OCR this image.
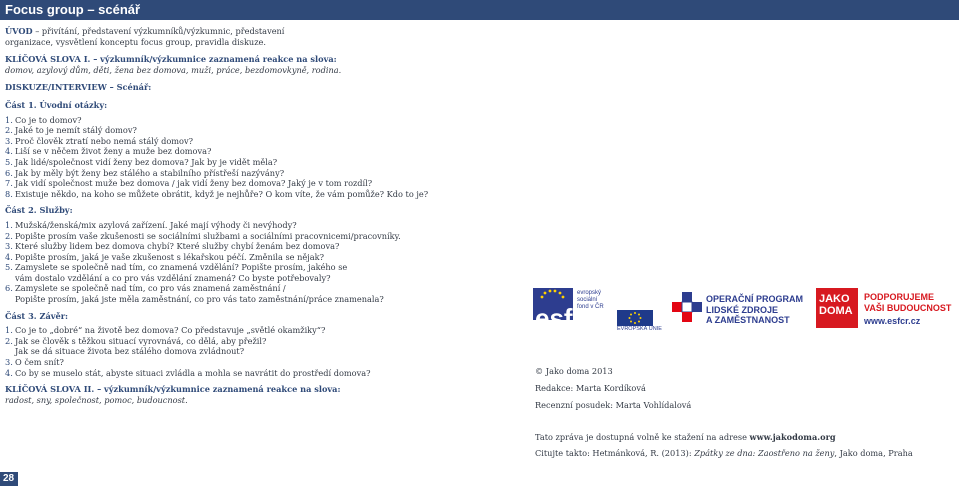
Focus group – scénář
ÚVOD – přivítání, představení výzkumníků/výzkumnic, představení
organizace, vysvětlení konceptu focus group, pravidla diskuze.
KLÍČOVÁ SLOVA I. – výzkumník/výzkumnice zaznamená reakce na slova:
domov, azylový dům, děti, žena bez domova, muži, práce, bezdomovkyně, rodina.
DISKUZE/INTERVIEW – Scénář:
Část 1. Úvodní otázky:
1. Co je to domov?
2. Jaké to je nemít stálý domov?
3. Proč člověk ztratí nebo nemá stálý domov?
4. Liší se v něčem život ženy a muže bez domova?
5. Jak lidé/společnost vidí ženy bez domova? Jak by je vidět měla?
6. Jak by měly být ženy bez stálého a stabilního přístřeší nazývány?
7. Jak vidí společnost muže bez domova / jak vidí ženy bez domova? Jaký je v tom rozdíl?
8. Existuje někdo, na koho se můžete obrátit, když je nejhůře? O kom víte, že vám pomůže? Kdo to je?
Část 2. Služby:
1. Mužská/ženská/mix azylová zařízení. Jaké mají výhody či nevýhody?
2. Popište prosím vaše zkušenosti se sociálními službami a sociálními pracovnicemi/pracovníky.
3. Které služby lidem bez domova chybí? Které služby chybí ženám bez domova?
4. Popište prosím, jaká je vaše zkušenost s lékařskou péčí. Změnila se nějak?
5. Zamyslete se společně nad tím, co znamená vzdělání? Popište prosím, jakého se
vám dostalo vzdělání a co pro vás vzdělání znamená? Co byste potřebovaly?
6. Zamyslete se společně nad tím, co pro vás znamená zaměstnání /
Popište prosím, jaká jste měla zaměstnání, co pro vás tato zaměstnání/práce znamenala?
Část 3. Závěr:
1. Co je to „dobré“ na životě bez domova? Co představuje „světlé okamžiky“?
2. Jak se člověk s těžkou situací vyrovnává, co dělá, aby přežil?
Jak se dá situace života bez stálého domova zvládnout?
3. O čem snít?
4. Co by se muselo stát, abyste situaci zvládla a mohla se navrátit do prostředí domova?
KLÍČOVÁ SLOVA II. – výzkumník/výzkumnice zaznamená reakce na slova:
radost, sny, společnost, pomoc, budoucnost.
28
esf
evropský
sociální
fond v ČR
EVROPSKÁ UNIE
OPERAČNÍ PROGRAM
LIDSKÉ ZDROJE
A ZAMĚSTNANOST
JAKO
DOMA
PODPORUJEME
VAŠI BUDOUCNOST
www.esfcr.cz
© Jako doma 2013
Redakce: Marta Kordíková
Recenzní posudek: Marta Vohlídalová
Tato zpráva je dostupná volně ke stažení na adrese www.jakodoma.org
Citujte takto: Hetmánková, R. (2013): Zpátky ze dna: Zaostřeno na ženy, Jako doma, Praha
